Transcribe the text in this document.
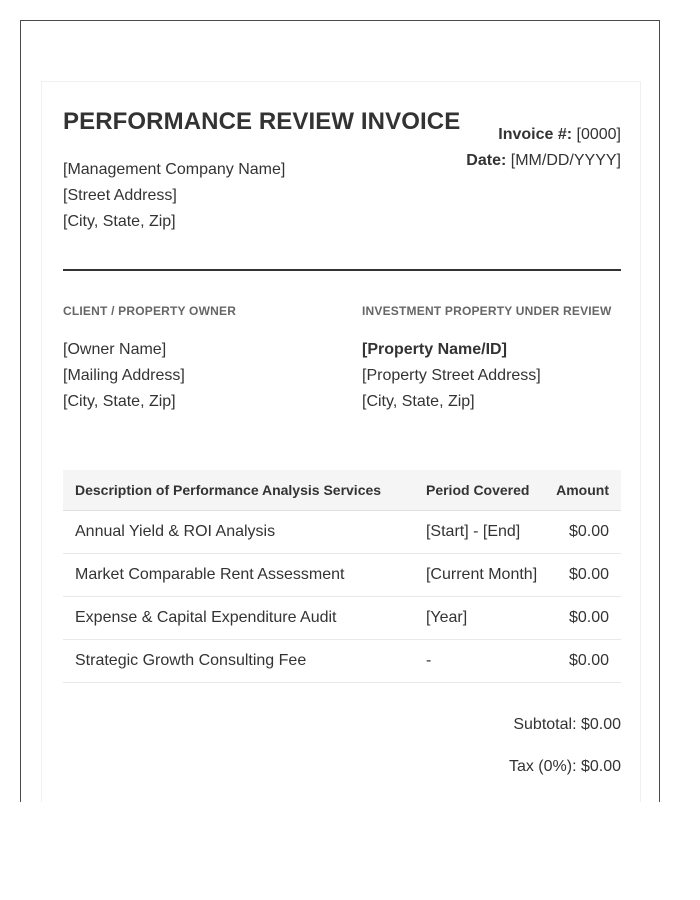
PERFORMANCE REVIEW INVOICE	Invoice #: [0000]
Date: [MM/DD/YYYY]
[Management Company Name]
[Street Address]
[City, State, Zip]
CLIENT / PROPERTY OWNER	INVESTMENT PROPERTY UNDER REVIEW
[Owner Name]
[Mailing Address]
[City, State, Zip]
[Property Name/ID]
[Property Street Address]
[City, State, Zip]
Description of Performance Analysis Services	Period Covered	Amount
Annual Yield & ROI Analysis	[Start] - [End]	$0.00
Market Comparable Rent Assessment	[Current Month]	$0.00
Expense & Capital Expenditure Audit	[Year]	$0.00
Strategic Growth Consulting Fee	-	$0.00
Subtotal: $0.00
Tax (0%): $0.00
